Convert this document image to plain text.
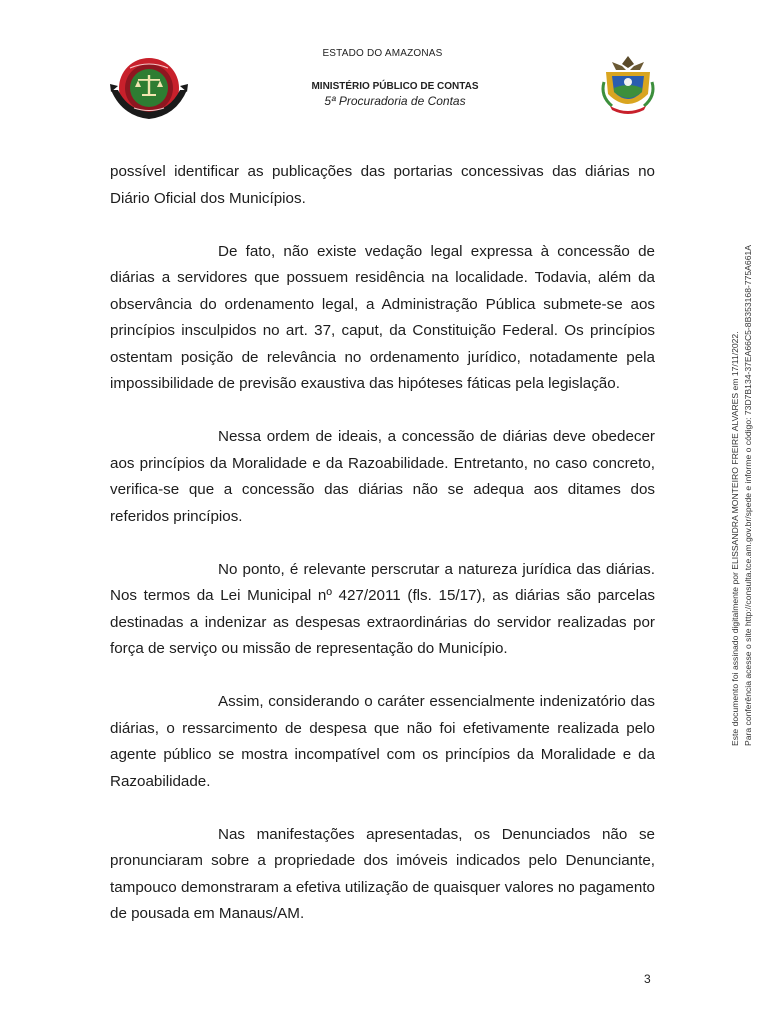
ESTADO DO AMAZONAS
MINISTÉRIO PÚBLICO DE CONTAS
5ª Procuradoria de Contas

possível identificar as publicações das portarias concessivas das diárias no Diário Oficial dos Municípios.

De fato, não existe vedação legal expressa à concessão de diárias a servidores que possuem residência na localidade. Todavia, além da observância do ordenamento legal, a Administração Pública submete-se aos princípios insculpidos no art. 37, caput, da Constituição Federal. Os princípios ostentam posição de relevância no ordenamento jurídico, notadamente pela impossibilidade de previsão exaustiva das hipóteses fáticas pela legislação.

Nessa ordem de ideais, a concessão de diárias deve obedecer aos princípios da Moralidade e da Razoabilidade. Entretanto, no caso concreto, verifica-se que a concessão das diárias não se adequa aos ditames dos referidos princípios.

No ponto, é relevante perscrutar a natureza jurídica das diárias. Nos termos da Lei Municipal nº 427/2011 (fls. 15/17), as diárias são parcelas destinadas a indenizar as despesas extraordinárias do servidor realizadas por força de serviço ou missão de representação do Município.

Assim, considerando o caráter essencialmente indenizatório das diárias, o ressarcimento de despesa que não foi efetivamente realizada pelo agente público se mostra incompatível com os princípios da Moralidade e da Razoabilidade.

Nas manifestações apresentadas, os Denunciados não se pronunciaram sobre a propriedade dos imóveis indicados pelo Denunciante, tampouco demonstraram a efetiva utilização de quaisquer valores no pagamento de pousada em Manaus/AM.

Este documento foi assinado digitalmente por ELISSANDRA MONTEIRO FREIRE ALVARES em 17/11/2022. Para conferência acesse o site http://consulta.tce.am.gov.br/spede e informe o código: 73D7B134-37EA66C5-8B353168-775A661A
3
